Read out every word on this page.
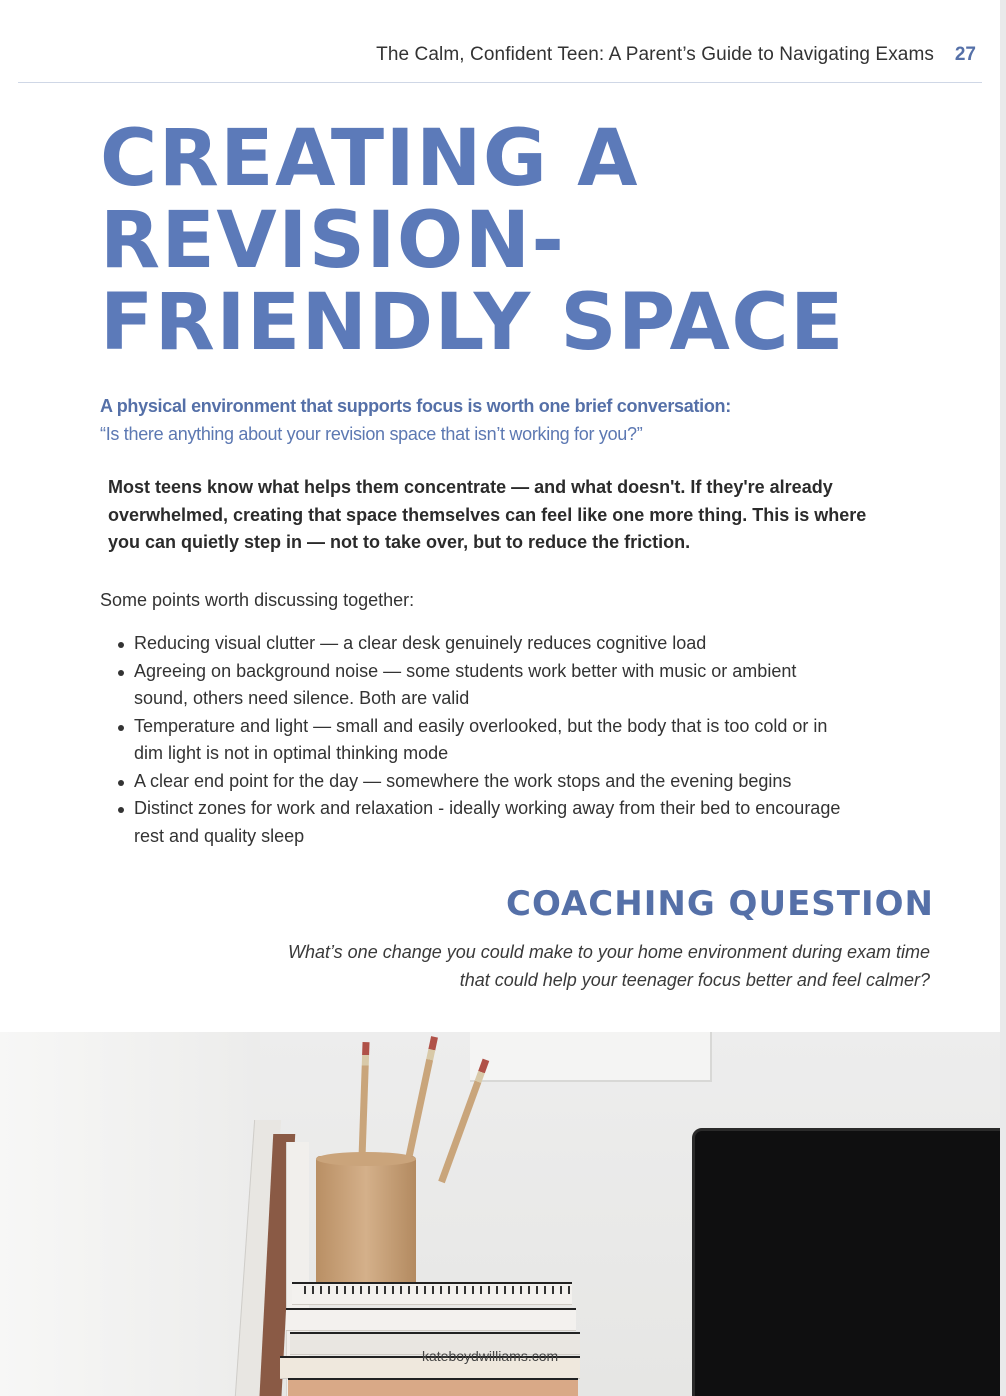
The Calm, Confident Teen: A Parent’s Guide to Navigating Exams 27
CREATING A REVISION-FRIENDLY SPACE
A physical environment that supports focus is worth one brief conversation:
“Is there anything about your revision space that isn’t working for you?”

Most teens know what helps them concentrate — and what doesn't. If they're already overwhelmed, creating that space themselves can feel like one more thing. This is where you can quietly step in — not to take over, but to reduce the friction.

Some points worth discussing together:
Reducing visual clutter — a clear desk genuinely reduces cognitive load
Agreeing on background noise — some students work better with music or ambient sound, others need silence. Both are valid
Temperature and light — small and easily overlooked, but the body that is too cold or in dim light is not in optimal thinking mode
A clear end point for the day — somewhere the work stops and the evening begins
Distinct zones for work and relaxation - ideally working away from their bed to encourage rest and quality sleep
COACHING QUESTION

What’s one change you could make to your home environment during exam time
that could help your teenager focus better and feel calmer?

kateboydwilliams.com
